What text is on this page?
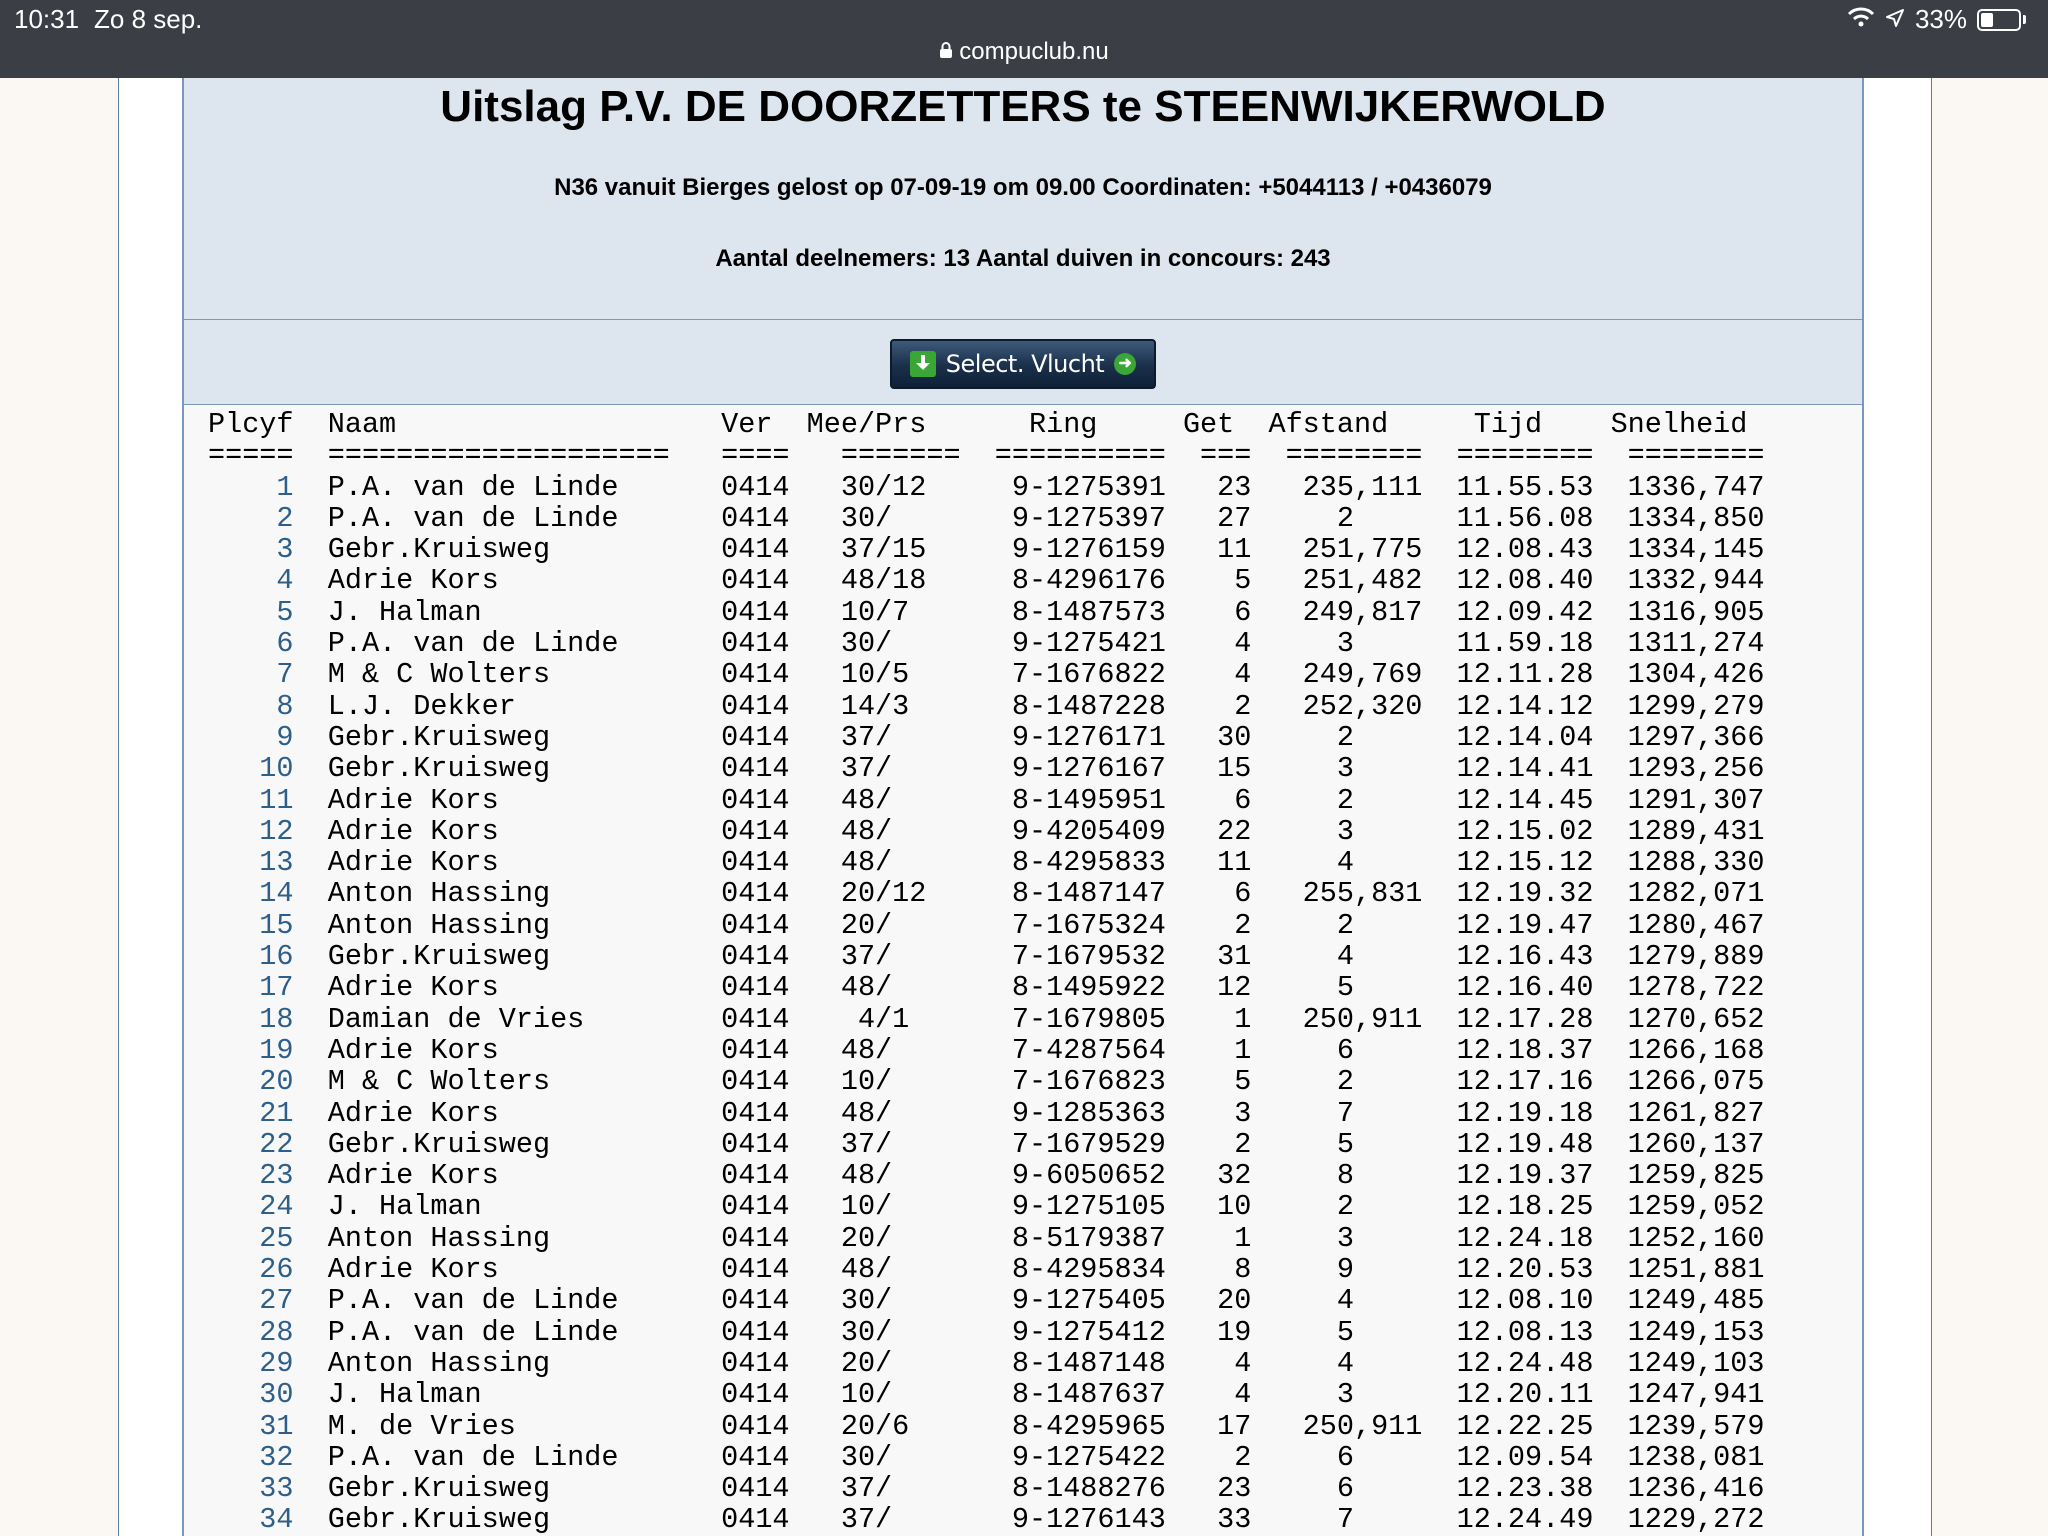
10:31 Zo 8 sep.
compuclub.nu
33%
Uitslag P.V. DE DOORZETTERS te STEENWIJKERWOLD
N36 vanuit Bierges gelost op 07-09-19 om 09.00 Coordinaten: +5044113 / +0436079
Aantal deelnemers: 13 Aantal duiven in concours: 243
Select. Vlucht ➜
Plcyf Naam                   Ver Mee/Prs      Ring     Get Afstand     Tijd    Snelheid
===== ==================== ====   ======= ========== === ======== ======== ========
1 P.A. van de Linde      0414   30/12     9-1275391   23   235,111 11.55.53 1336,747
2 P.A. van de Linde      0414   30/       9-1275397   27     2      11.56.08 1334,850
3 Gebr.Kruisweg          0414   37/15     9-1276159   11   251,775 12.08.43 1334,145
4 Adrie Kors             0414   48/18     8-4296176    5   251,482 12.08.40 1332,944
5 J. Halman              0414   10/7      8-1487573    6   249,817 12.09.42 1316,905
6 P.A. van de Linde      0414   30/       9-1275421    4     3      11.59.18 1311,274
7 M & C Wolters          0414   10/5      7-1676822    4   249,769 12.11.28 1304,426
8 L.J. Dekker            0414   14/3      8-1487228    2   252,320 12.14.12 1299,279
9 Gebr.Kruisweg          0414   37/       9-1276171   30     2      12.14.04 1297,366
10 Gebr.Kruisweg          0414   37/       9-1276167   15     3      12.14.41 1293,256
11 Adrie Kors             0414   48/       8-1495951    6     2      12.14.45 1291,307
12 Adrie Kors             0414   48/       9-4205409   22     3      12.15.02 1289,431
13 Adrie Kors             0414   48/       8-4295833   11     4      12.15.12 1288,330
14 Anton Hassing          0414   20/12     8-1487147    6   255,831 12.19.32 1282,071
15 Anton Hassing          0414   20/       7-1675324    2     2      12.19.47 1280,467
16 Gebr.Kruisweg          0414   37/       7-1679532   31     4      12.16.43 1279,889
17 Adrie Kors             0414   48/       8-1495922   12     5      12.16.40 1278,722
18 Damian de Vries        0414    4/1      7-1679805    1   250,911 12.17.28 1270,652
19 Adrie Kors             0414   48/       7-4287564    1     6      12.18.37 1266,168
20 M & C Wolters          0414   10/       7-1676823    5     2      12.17.16 1266,075
21 Adrie Kors             0414   48/       9-1285363    3     7      12.19.18 1261,827
22 Gebr.Kruisweg          0414   37/       7-1679529    2     5      12.19.48 1260,137
23 Adrie Kors             0414   48/       9-6050652   32     8      12.19.37 1259,825
24 J. Halman              0414   10/       9-1275105   10     2      12.18.25 1259,052
25 Anton Hassing          0414   20/       8-5179387    1     3      12.24.18 1252,160
26 Adrie Kors             0414   48/       8-4295834    8     9      12.20.53 1251,881
27 P.A. van de Linde      0414   30/       9-1275405   20     4      12.08.10 1249,485
28 P.A. van de Linde      0414   30/       9-1275412   19     5      12.08.13 1249,153
29 Anton Hassing          0414   20/       8-1487148    4     4      12.24.48 1249,103
30 J. Halman              0414   10/       8-1487637    4     3      12.20.11 1247,941
31 M. de Vries            0414   20/6      8-4295965   17   250,911 12.22.25 1239,579
32 P.A. van de Linde      0414   30/       9-1275422    2     6      12.09.54 1238,081
33 Gebr.Kruisweg          0414   37/       8-1488276   23     6      12.23.38 1236,416
34 Gebr.Kruisweg          0414   37/       9-1276143   33     7      12.24.49 1229,272
